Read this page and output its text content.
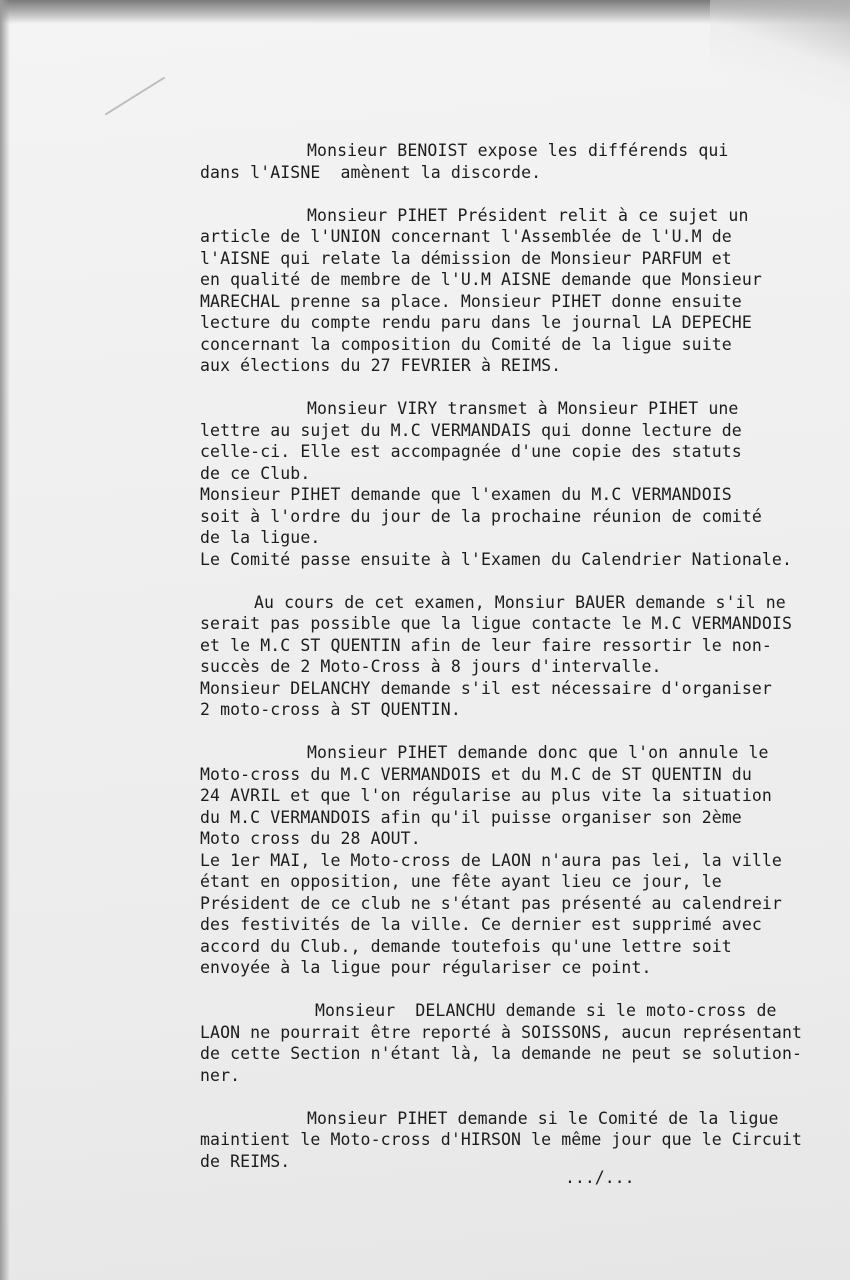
Monsieur BENOIST expose les différends qui
dans l'AISNE  amènent la discorde.
Monsieur PIHET Président relit à ce sujet un
article de l'UNION concernant l'Assemblée de l'U.M de
l'AISNE qui relate la démission de Monsieur PARFUM et
en qualité de membre de l'U.M AISNE demande que Monsieur
MARECHAL prenne sa place. Monsieur PIHET donne ensuite
lecture du compte rendu paru dans le journal LA DEPECHE
concernant la composition du Comité de la ligue suite
aux élections du 27 FEVRIER à REIMS.
Monsieur VIRY transmet à Monsieur PIHET une
lettre au sujet du M.C VERMANDAIS qui donne lecture de
celle-ci. Elle est accompagnée d'une copie des statuts
de ce Club.
Monsieur PIHET demande que l'examen du M.C VERMANDOIS
soit à l'ordre du jour de la prochaine réunion de comité
de la ligue.
Le Comité passe ensuite à l'Examen du Calendrier Nationale.
Au cours de cet examen, Monsiur BAUER demande s'il ne
serait pas possible que la ligue contacte le M.C VERMANDOIS
et le M.C ST QUENTIN afin de leur faire ressortir le non-
succès de 2 Moto-Cross à 8 jours d'intervalle.
Monsieur DELANCHY demande s'il est nécessaire d'organiser
2 moto-cross à ST QUENTIN.
Monsieur PIHET demande donc que l'on annule le
Moto-cross du M.C VERMANDOIS et du M.C de ST QUENTIN du
24 AVRIL et que l'on régularise au plus vite la situation
du M.C VERMANDOIS afin qu'il puisse organiser son 2ème
Moto cross du 28 AOUT.
Le 1er MAI, le Moto-cross de LAON n'aura pas lei, la ville
étant en opposition, une fête ayant lieu ce jour, le
Président de ce club ne s'étant pas présenté au calendreir
des festivités de la ville. Ce dernier est supprimé avec
accord du Club., demande toutefois qu'une lettre soit
envoyée à la ligue pour régulariser ce point.
Monsieur  DELANCHU demande si le moto-cross de
LAON ne pourrait être reporté à SOISSONS, aucun représentant
de cette Section n'étant là, la demande ne peut se solution-
ner.
Monsieur PIHET demande si le Comité de la ligue
maintient le Moto-cross d'HIRSON le même jour que le Circuit
de REIMS.
.../...
